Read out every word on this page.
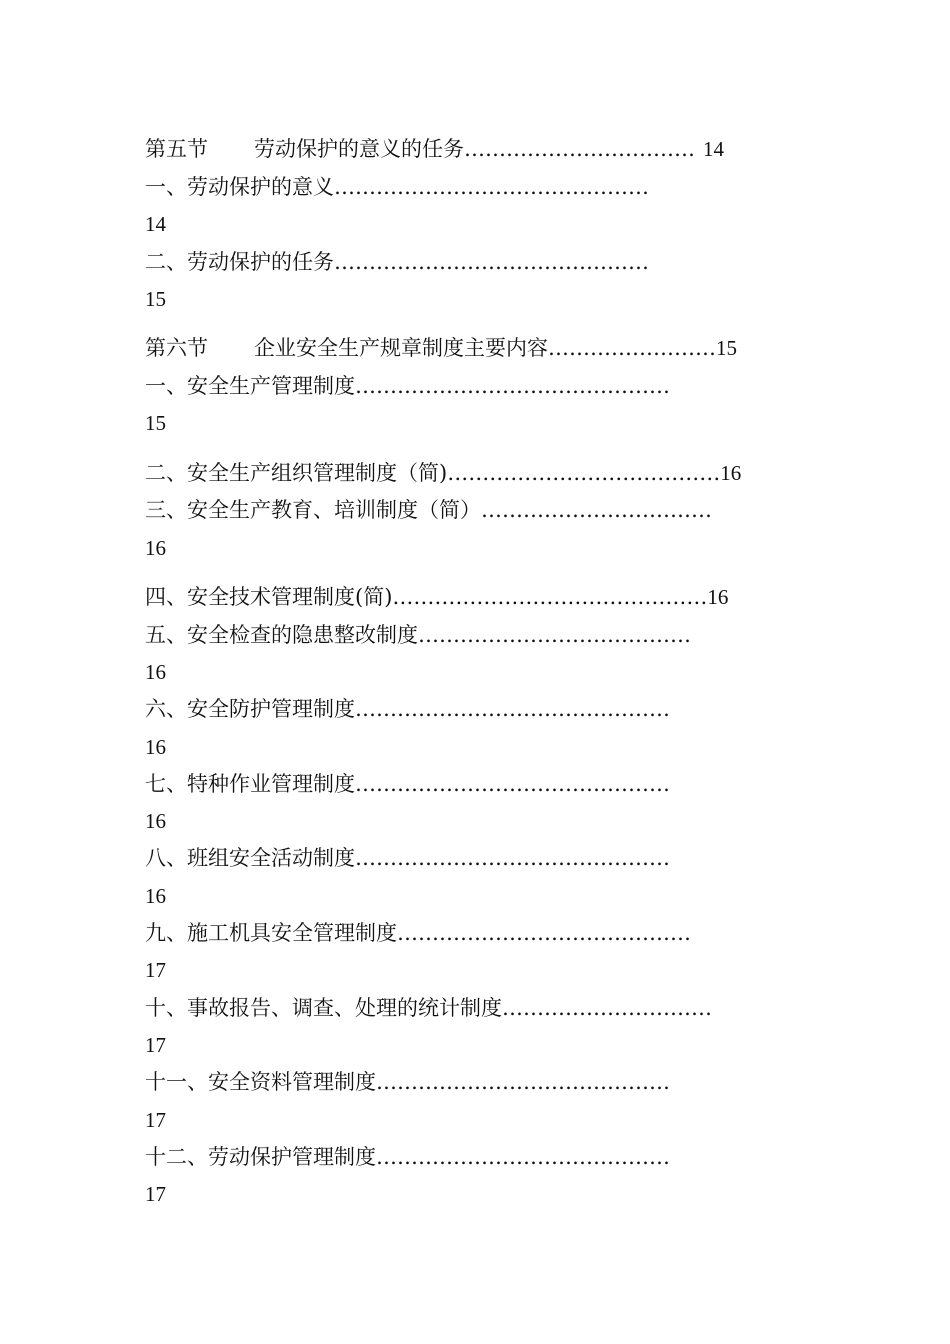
第五节 劳动保护的意义的任务…………………………… 14
一、劳动保护的意义………………………………………
14
二、劳动保护的任务………………………………………
15
第六节 企业安全生产规章制度主要内容……………………15
一、安全生产管理制度………………………………………
15
二、安全生产组织管理制度（简)…………………………………16
三、安全生产教育、培训制度（简）……………………………
16
四、安全技术管理制度(简)………………………………………16
五、安全检查的隐患整改制度…………………………………
16
六、安全防护管理制度………………………………………
16
七、特种作业管理制度………………………………………
16
八、班组安全活动制度………………………………………
16
九、施工机具安全管理制度……………………………………
17
十、事故报告、调查、处理的统计制度…………………………
17
十一、安全资料管理制度……………………………………
17
十二、劳动保护管理制度……………………………………
17
